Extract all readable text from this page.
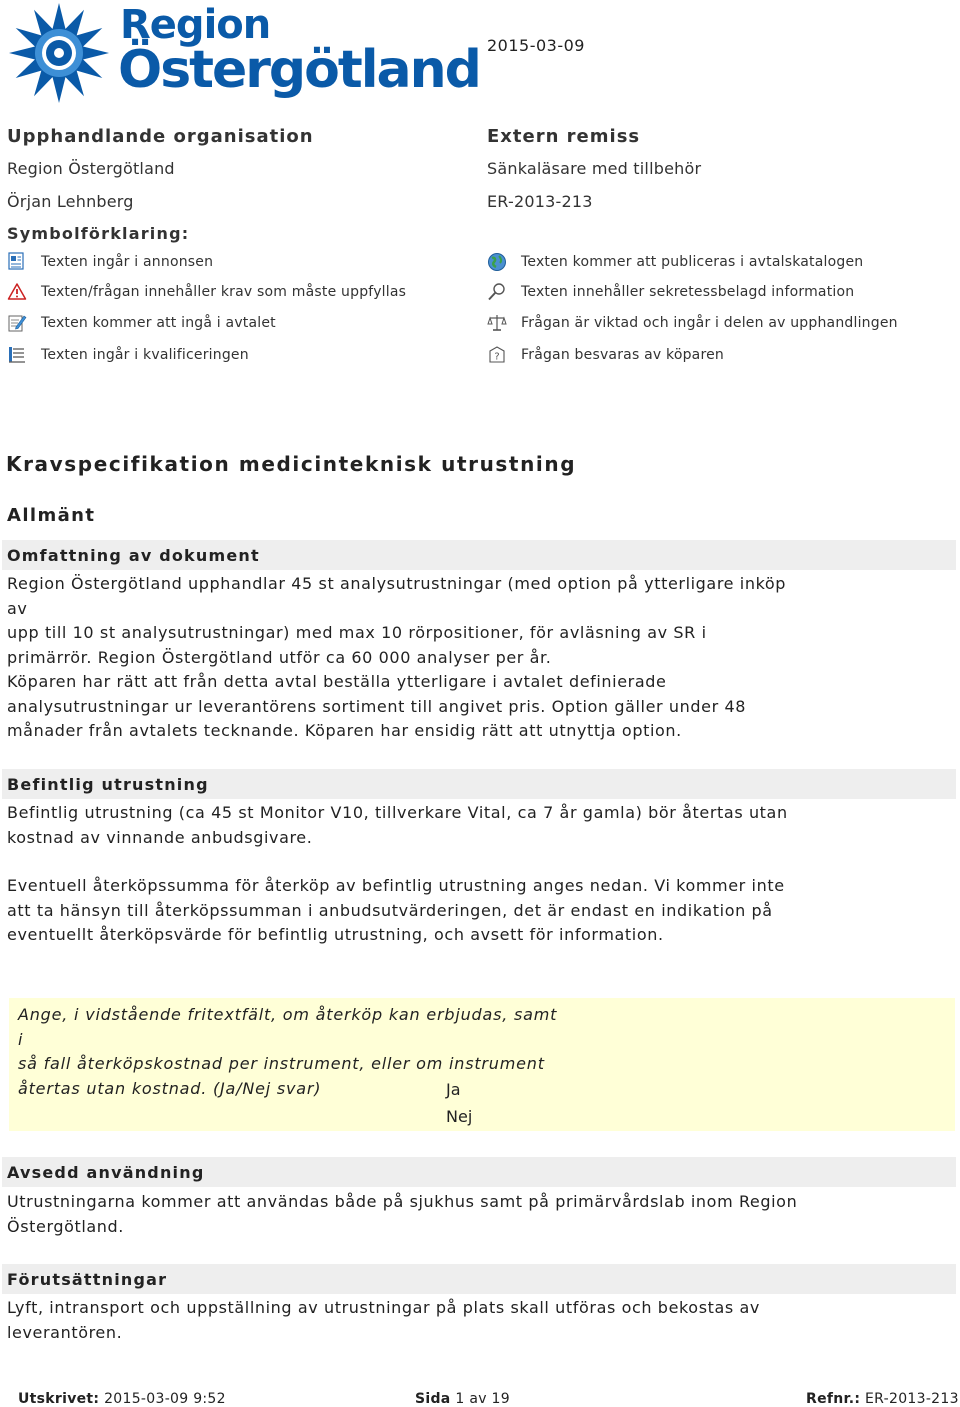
Region
Östergötland 2015-03-09
Upphandlande organisation
Region Östergötland
Örjan Lehnberg
Extern remiss
Sänkaläsare med tillbehör
ER-2013-213
Symbolförklaring:
Texten ingår i annonsen
Texten/frågan innehåller krav som måste uppfyllas
Texten kommer att ingå i avtalet
Texten ingår i kvalificeringen
Texten kommer att publiceras i avtalskatalogen
Texten innehåller sekretessbelagd information
Frågan är viktad och ingår i delen av upphandlingen
? Frågan besvaras av köparen
Kravspecifikation medicinteknisk utrustning
Allmänt
Omfattning av dokument
Region Östergötland upphandlar 45 st analysutrustningar (med option på ytterligare inköp av
upp till 10 st analysutrustningar) med max 10 rörpositioner, för avläsning av SR i
primärrör. Region Östergötland utför ca 60 000 analyser per år.
Köparen har rätt att från detta avtal beställa ytterligare i avtalet definierade
analysutrustningar ur leverantörens sortiment till angivet pris. Option gäller under 48
månader från avtalets tecknande. Köparen har ensidig rätt att utnyttja option.
Befintlig utrustning
Befintlig utrustning (ca 45 st Monitor V10, tillverkare Vital, ca 7 år gamla) bör återtas utan
kostnad av vinnande anbudsgivare.
Eventuell återköpssumma för återköp av befintlig utrustning anges nedan. Vi kommer inte
att ta hänsyn till återköpssumman i anbudsutvärderingen, det är endast en indikation på
eventuellt återköpsvärde för befintlig utrustning, och avsett för information.
Ange, i vidstående fritextfält, om återköp kan erbjudas, samt i
så fall återköpskostnad per instrument, eller om instrument
återtas utan kostnad. (Ja/Nej svar)	Ja
Nej
Avsedd användning
Utrustningarna kommer att användas både på sjukhus samt på primärvårdslab inom Region
Östergötland.
Förutsättningar
Lyft, intransport och uppställning av utrustningar på plats skall utföras och bekostas av
leverantören.
Utskrivet: 2015-03-09 9:52	Sida 1 av 19	Refnr.: ER-2013-213
